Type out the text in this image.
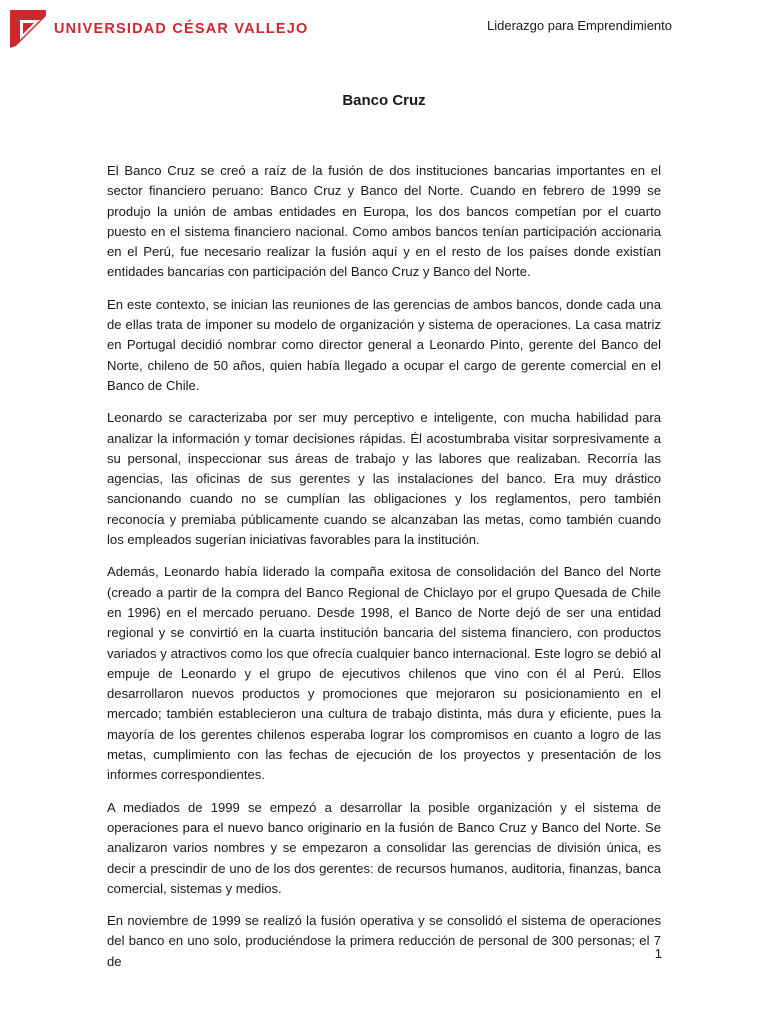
UNIVERSIDAD CÉSAR VALLEJO	Liderazgo para Emprendimiento
Banco Cruz

El Banco Cruz se creó a raíz de la fusión de dos instituciones bancarias importantes en el sector financiero peruano: Banco Cruz y Banco del Norte. Cuando en febrero de 1999 se produjo la unión de ambas entidades en Europa, los dos bancos competían por el cuarto puesto en el sistema financiero nacional. Como ambos bancos tenían participación accionaria en el Perú, fue necesario realizar la fusión aquí y en el resto de los países donde existían entidades bancarias con participación del Banco Cruz y Banco del Norte.

En este contexto, se inician las reuniones de las gerencias de ambos bancos, donde cada una de ellas trata de imponer su modelo de organización y sistema de operaciones. La casa matriz en Portugal decidió nombrar como director general a Leonardo Pinto, gerente del Banco del Norte, chileno de 50 años, quien había llegado a ocupar el cargo de gerente comercial en el Banco de Chile.

Leonardo se caracterizaba por ser muy perceptivo e inteligente, con mucha habilidad para analizar la información y tomar decisiones rápidas. Él acostumbraba visitar sorpresivamente a su personal, inspeccionar sus áreas de trabajo y las labores que realizaban. Recorría las agencias, las oficinas de sus gerentes y las instalaciones del banco. Era muy drástico sancionando cuando no se cumplían las obligaciones y los reglamentos, pero también reconocía y premiaba públicamente cuando se alcanzaban las metas, como también cuando los empleados sugerían iniciativas favorables para la institución.

Además, Leonardo había liderado la compaña exitosa de consolidación del Banco del Norte (creado a partir de la compra del Banco Regional de Chiclayo por el grupo Quesada de Chile en 1996) en el mercado peruano. Desde 1998, el Banco de Norte dejó de ser una entidad regional y se convirtió en la cuarta institución bancaria del sistema financiero, con productos variados y atractivos como los que ofrecía cualquier banco internacional. Este logro se debió al empuje de Leonardo y el grupo de ejecutivos chilenos que vino con él al Perú. Ellos desarrollaron nuevos productos y promociones que mejoraron su posicionamiento en el mercado; también establecieron una cultura de trabajo distinta, más dura y eficiente, pues la mayoría de los gerentes chilenos esperaba lograr los compromisos en cuanto a logro de las metas, cumplimiento con las fechas de ejecución de los proyectos y presentación de los informes correspondientes.

A mediados de 1999 se empezó a desarrollar la posible organización y el sistema de operaciones para el nuevo banco originario en la fusión de Banco Cruz y Banco del Norte. Se analizaron varios nombres y se empezaron a consolidar las gerencias de división única, es decir a prescindir de uno de los dos gerentes: de recursos humanos, auditoria, finanzas, banca comercial, sistemas y medios.

En noviembre de 1999 se realizó la fusión operativa y se consolidó el sistema de operaciones del banco en uno solo, produciéndose la primera reducción de personal de 300 personas; el 7 de

1
